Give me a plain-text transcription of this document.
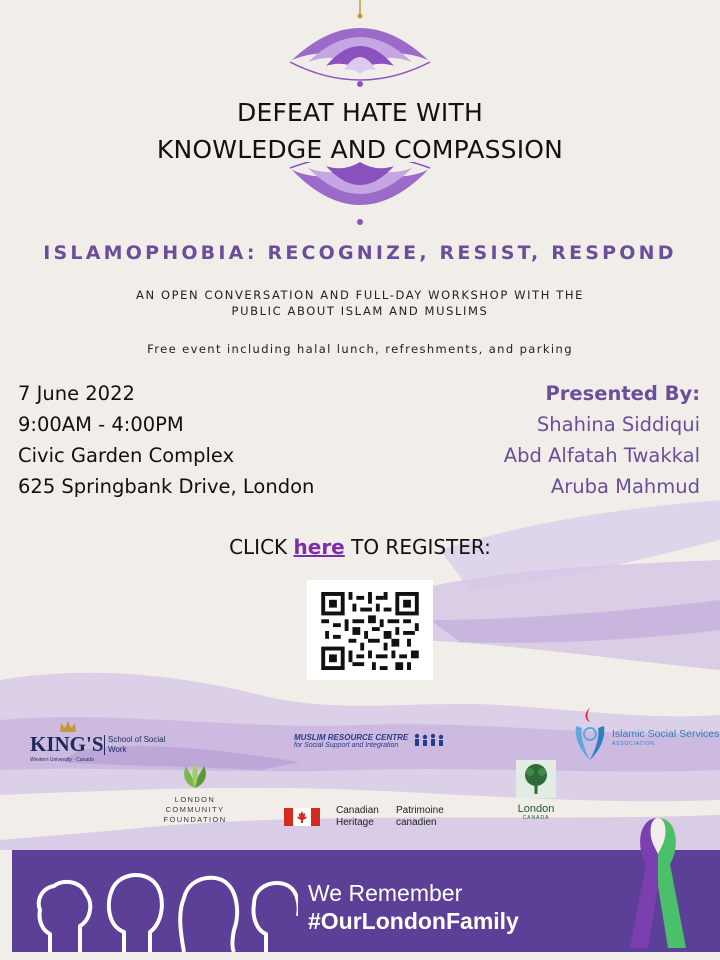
DEFEAT HATE WITH
KNOWLEDGE AND COMPASSION
ISLAMOPHOBIA: RECOGNIZE, RESIST, RESPOND
AN OPEN CONVERSATION AND FULL-DAY WORKSHOP WITH THE
PUBLIC ABOUT ISLAM AND MUSLIMS
Free event including halal lunch, refreshments, and parking
7 June 2022
9:00AM - 4:00PM
Civic Garden Complex
625 Springbank Drive, London
Presented By:
Shahina Siddiqui
Abd Alfatah Twakkal
Aruba Mahmud
CLICK here TO REGISTER:
KING'S School of Social Work
Western University · Canada
LONDON
COMMUNITY
FOUNDATION
MUSLIM RESOURCE CENTRE
for Social Support and Integration
Canadian
Heritage
Patrimoine
canadien
London
CANADA
Islamic Social Services
ASSOCIATION
We Remember
#OurLondonFamily
